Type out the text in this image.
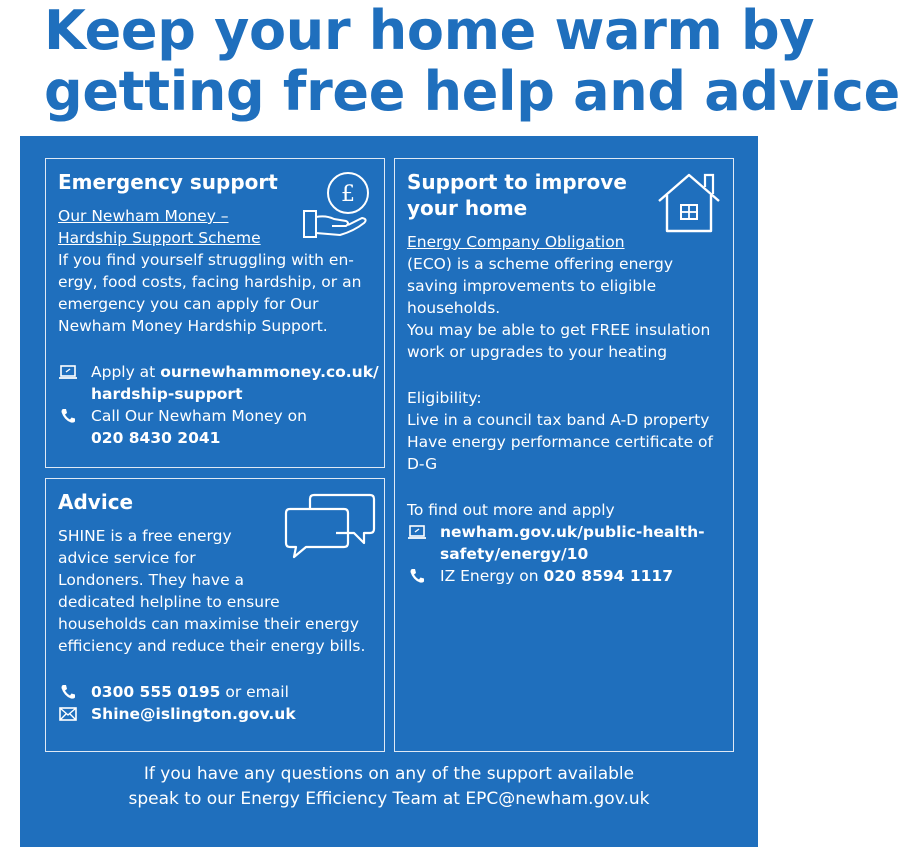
Keep your home warm by
getting free help and advice
Emergency support	£
Our Newham Money –
Hardship Support Scheme
If you find yourself struggling with en-
ergy, food costs, facing hardship, or an
emergency you can apply for Our
Newham Money Hardship Support.
Apply at ournewhammoney.co.uk/
hardship-support
Call Our Newham Money on
020 8430 2041
Advice
SHINE is a free energy
advice service for
Londoners. They have a
dedicated helpline to ensure
households can maximise their energy
efficiency and reduce their energy bills.
0300 555 0195 or email
Shine@islington.gov.uk
Support to improve
your home
Energy Company Obligation
(ECO) is a scheme offering energy
saving improvements to eligible
households.
You may be able to get FREE insulation
work or upgrades to your heating
Eligibility:
Live in a council tax band A-D property
Have energy performance certificate of
D-G
To find out more and apply
newham.gov.uk/public-health-
safety/energy/10
IZ Energy on 020 8594 1117
If you have any questions on any of the support available
speak to our Energy Efficiency Team at EPC@newham.gov.uk
